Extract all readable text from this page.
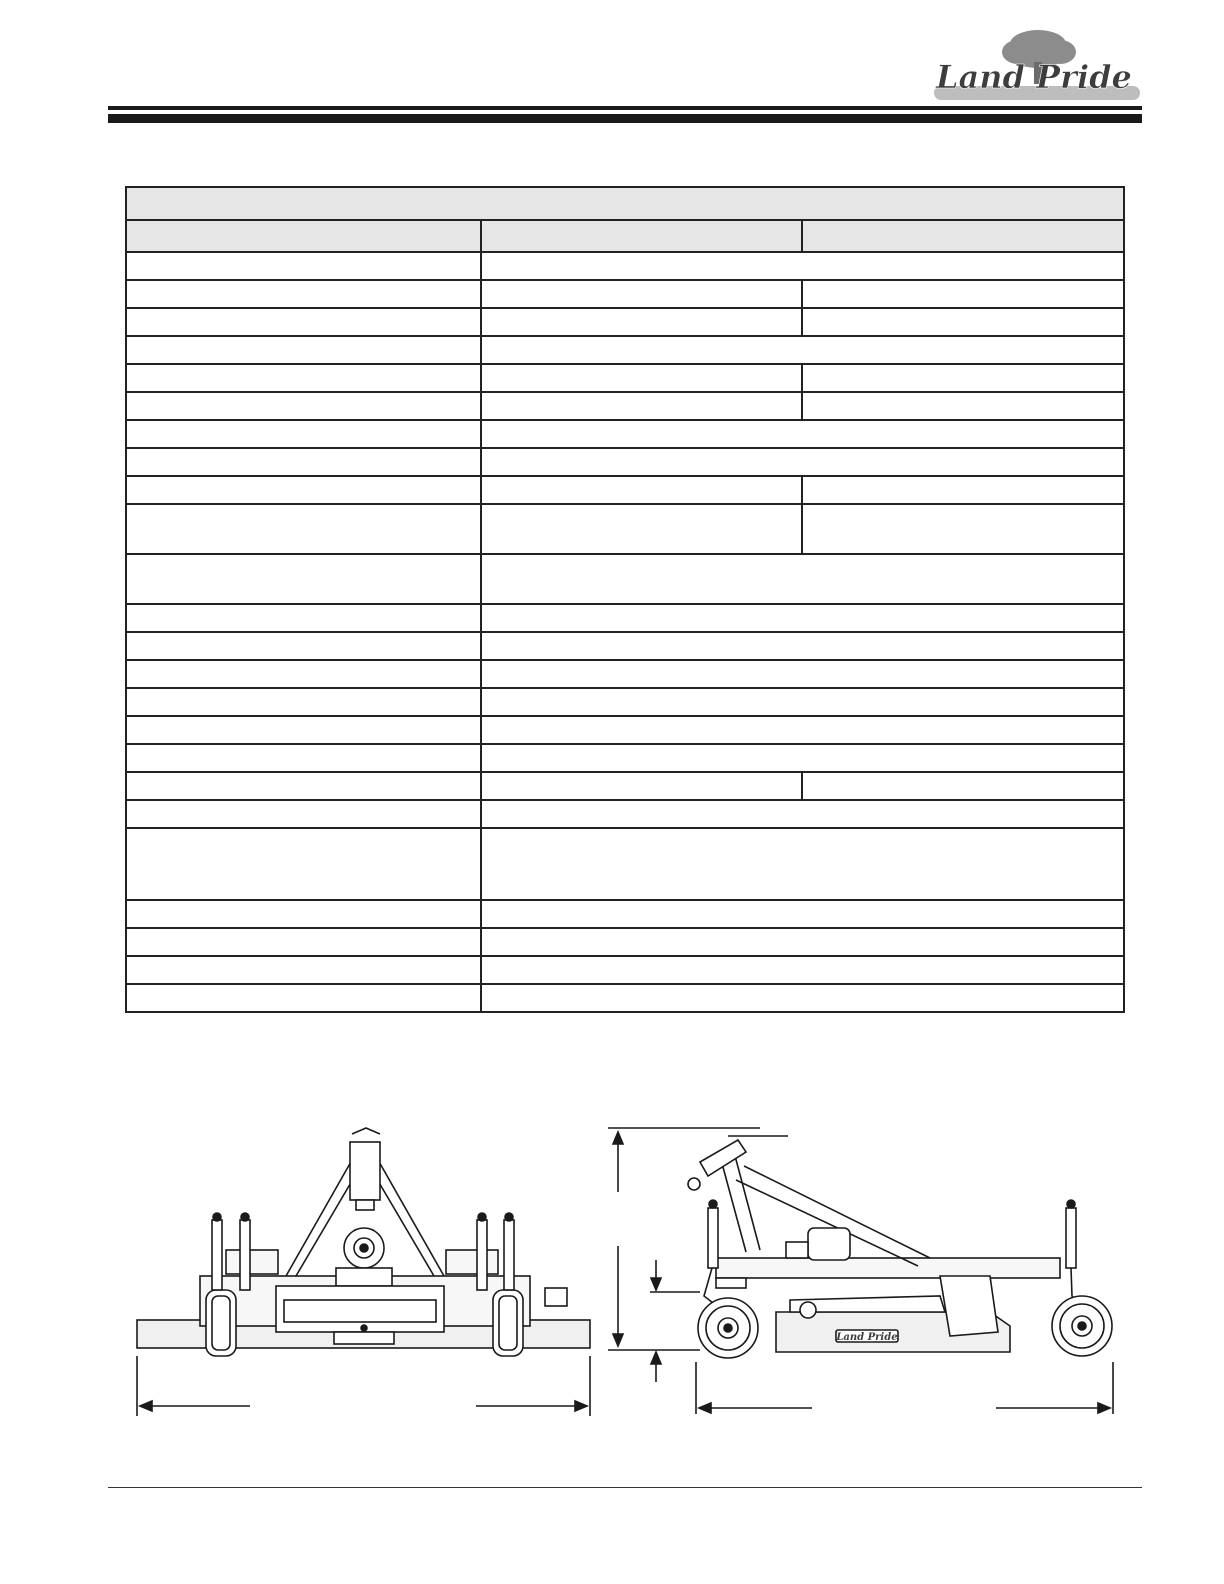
Land Pride

Land Pride
